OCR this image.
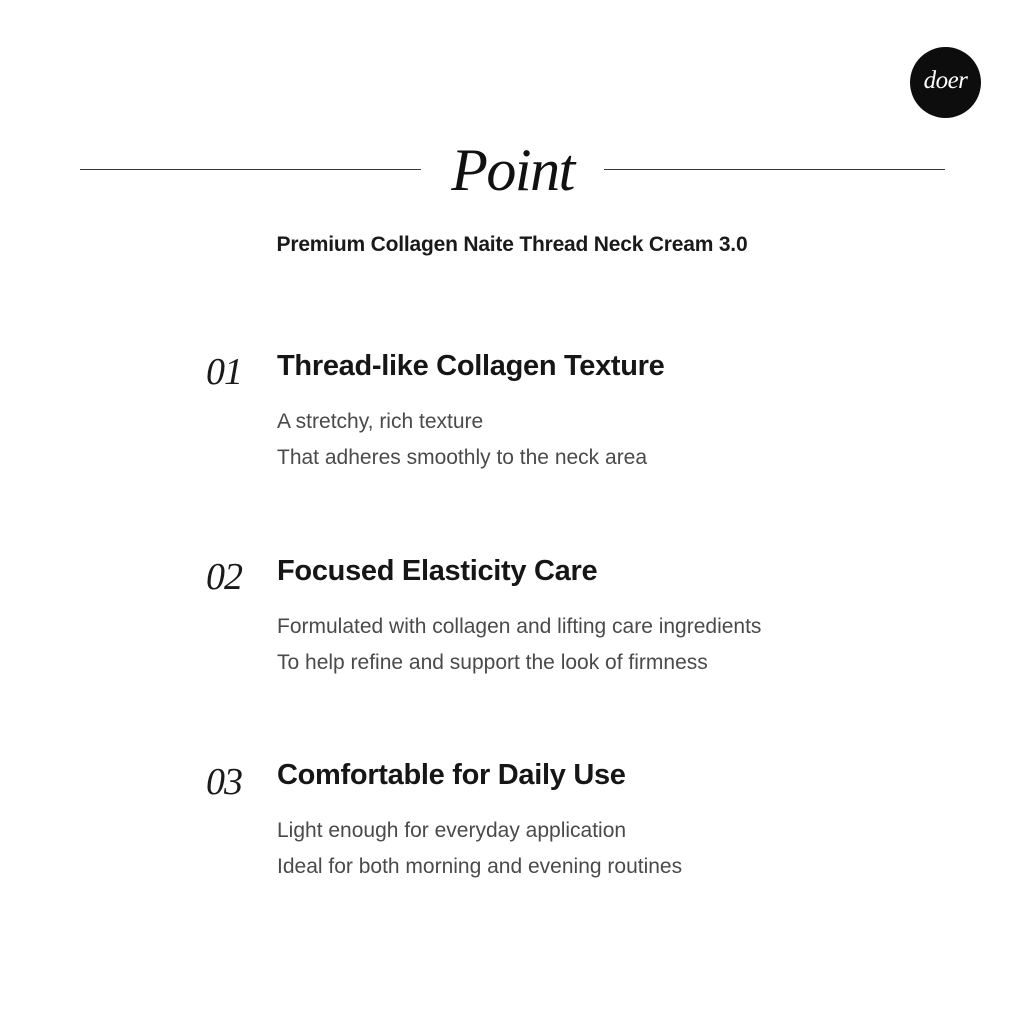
doer
Point
Premium Collagen Naite Thread Neck Cream 3.0
01 Thread-like Collagen Texture
A stretchy, rich texture
That adheres smoothly to the neck area
02 Focused Elasticity Care
Formulated with collagen and lifting care ingredients
To help refine and support the look of firmness
03 Comfortable for Daily Use
Light enough for everyday application
Ideal for both morning and evening routines
